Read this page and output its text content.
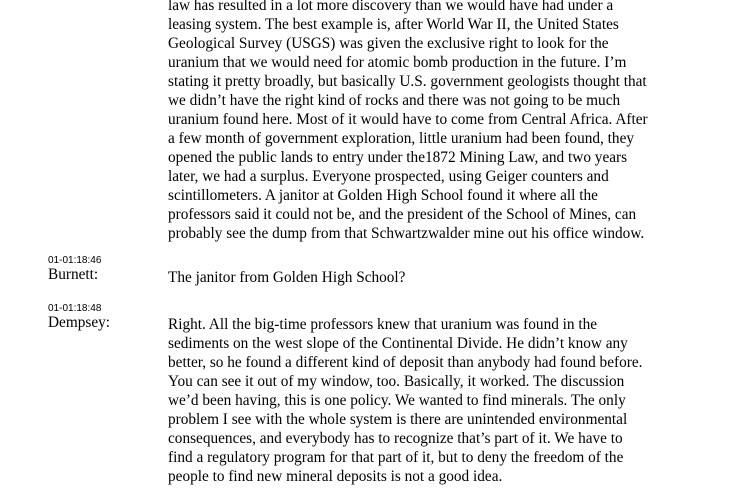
law has resulted in a lot more discovery than we would have had under a
leasing system. The best example is, after World War II, the United States
Geological Survey (USGS) was given the exclusive right to look for the
uranium that we would need for atomic bomb production in the future. I’m
stating it pretty broadly, but basically U.S. government geologists thought that
we didn’t have the right kind of rocks and there was not going to be much
uranium found here. Most of it would have to come from Central Africa. After
a few month of government exploration, little uranium had been found, they
opened the public lands to entry under the1872 Mining Law, and two years
later, we had a surplus. Everyone prospected, using Geiger counters and
scintillometers. A janitor at Golden High School found it where all the
professors said it could not be, and the president of the School of Mines, can
probably see the dump from that Schwartzwalder mine out his office window.

01-01:18:46
Burnett:	The janitor from Golden High School?

01-01:18:48
Dempsey:	Right. All the big-time professors knew that uranium was found in the
sediments on the west slope of the Continental Divide. He didn’t know any
better, so he found a different kind of deposit than anybody had found before.
You can see it out of my window, too. Basically, it worked. The discussion
we’d been having, this is one policy. We wanted to find minerals. The only
problem I see with the whole system is there are unintended environmental
consequences, and everybody has to recognize that’s part of it. We have to
find a regulatory program for that part of it, but to deny the freedom of the
people to find new mineral deposits is not a good idea.
